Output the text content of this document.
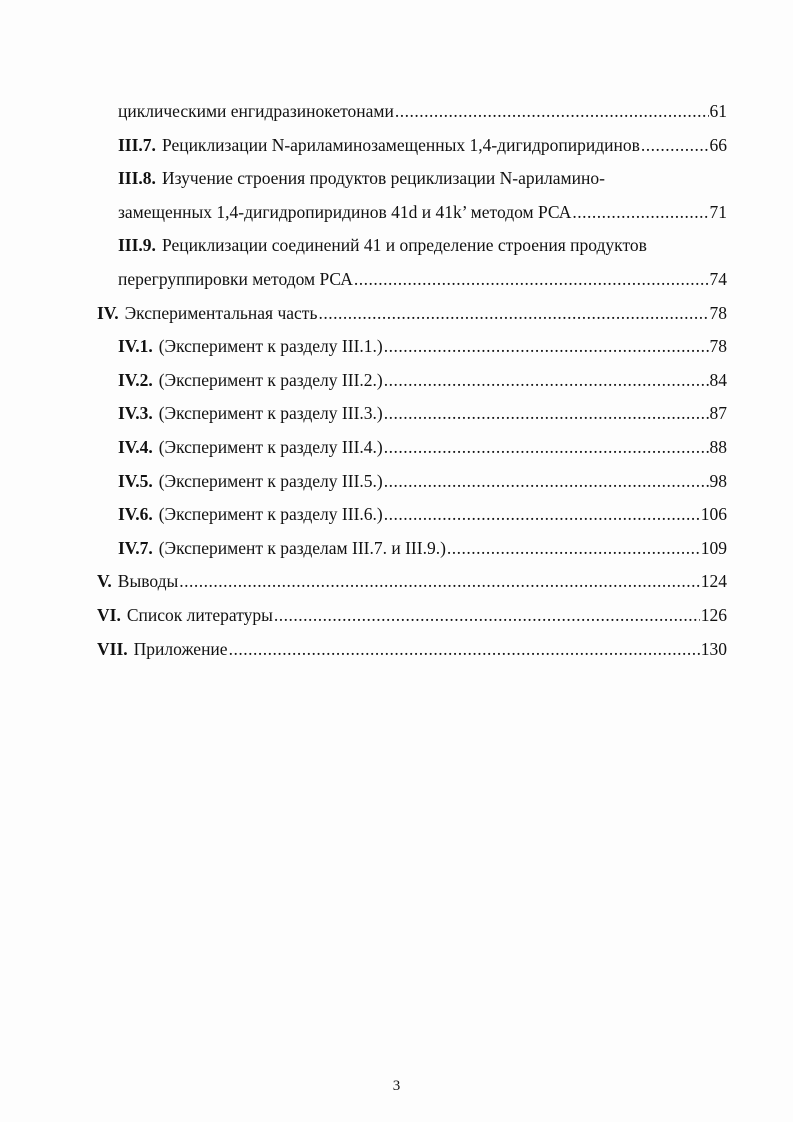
циклическими енгидразинокетонами .....	61
III.7. Рециклизации N-ариламинозамещенных 1,4-дигидропиридинов .....	66
III.8. Изучение строения продуктов рециклизации N-ариламино-
замещенных 1,4-дигидропиридинов 41d и 41k’ методом РСА .....	71
III.9. Рециклизации соединений 41 и определение строения продуктов
перегруппировки методом РСА .....	74
IV. Экспериментальная часть .....	78
IV.1. (Эксперимент к разделу III.1.) .....	78
IV.2. (Эксперимент к разделу III.2.) .....	84
IV.3. (Эксперимент к разделу III.3.) .....	87
IV.4. (Эксперимент к разделу III.4.) .....	88
IV.5. (Эксперимент к разделу III.5.) .....	98
IV.6. (Эксперимент к разделу III.6.) .....	106
IV.7. (Эксперимент к разделам III.7. и III.9.) .....	109
V. Выводы .....	124
VI. Список литературы .....	126
VII. Приложение .....	130
3
